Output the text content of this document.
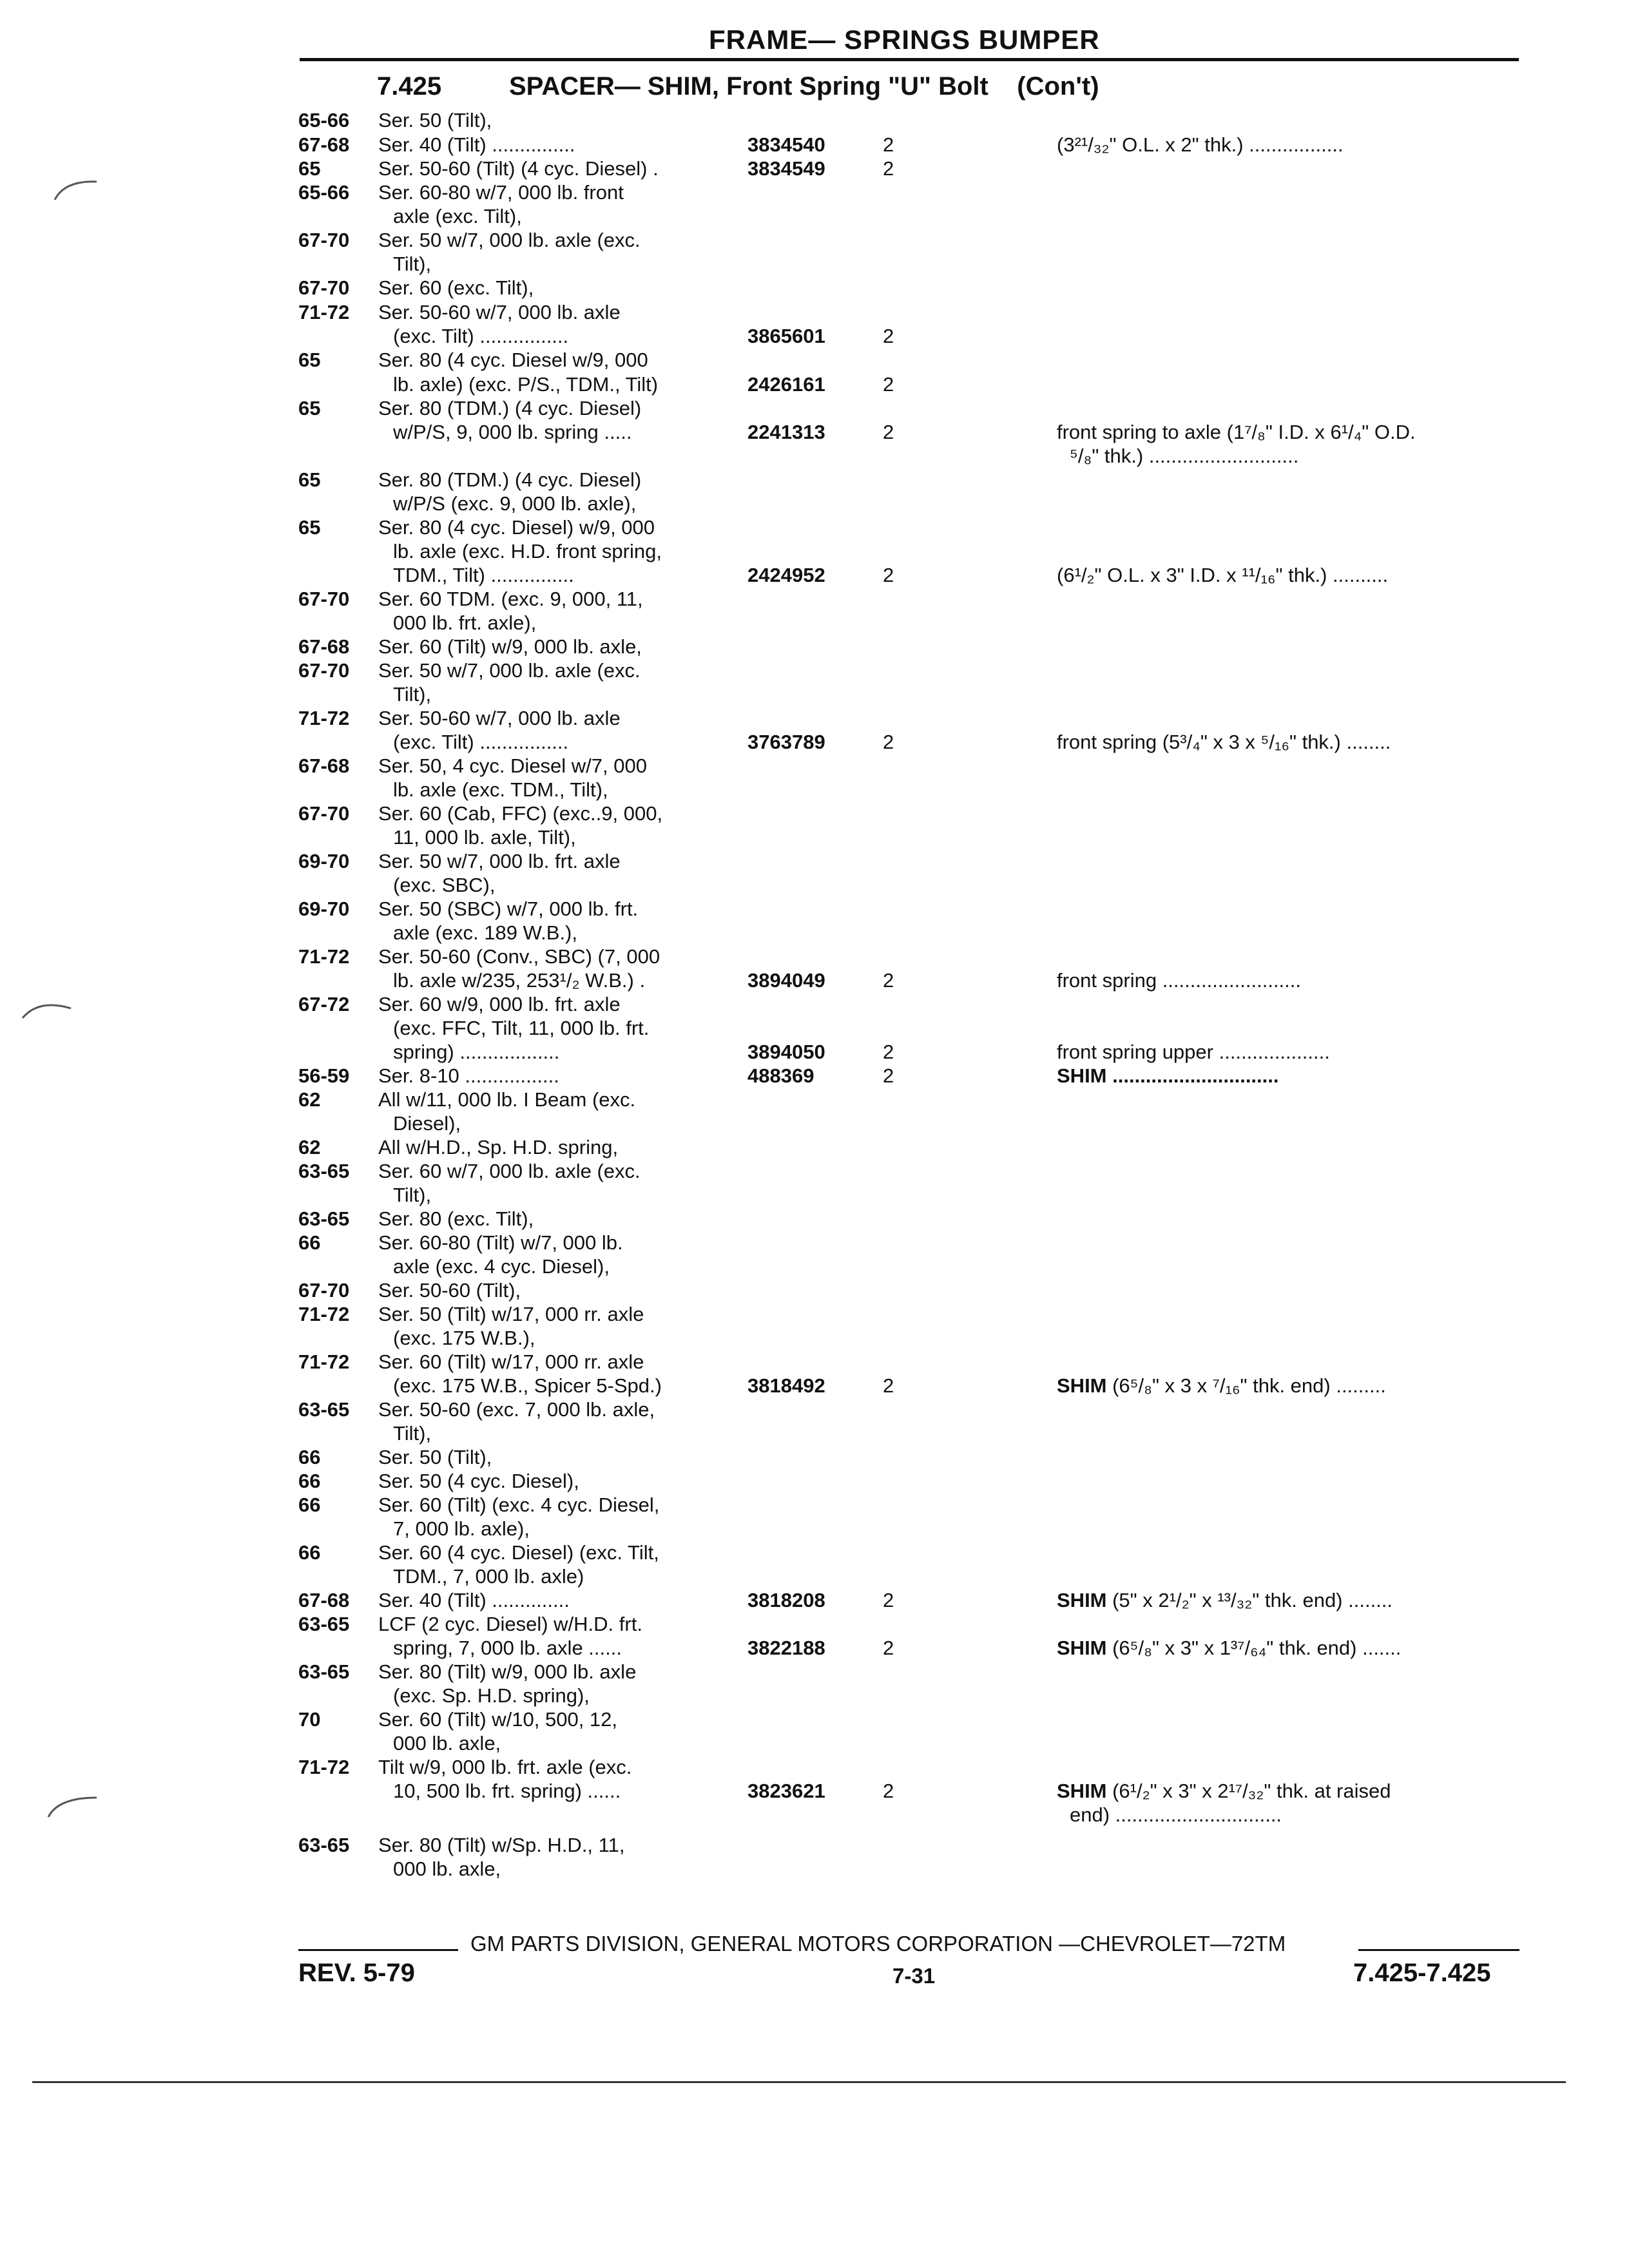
FRAME— SPRINGS BUMPER
7.425	SPACER— SHIM, Front Spring "U" Bolt    (Con't)
65-66 Ser. 50 (Tilt),
67-68 Ser. 40 (Tilt) ...............	3834540	2	(3²¹/₃₂" O.L. x 2" thk.) .................
65	Ser. 50-60 (Tilt) (4 cyc. Diesel) .	3834549	2
65-66 Ser. 60-80 w/7, 000 lb. front
axle (exc. Tilt),
67-70 Ser. 50 w/7, 000 lb. axle (exc.
Tilt),
67-70 Ser. 60 (exc. Tilt),
71-72 Ser. 50-60 w/7, 000 lb. axle
(exc. Tilt) ................	3865601	2
65	Ser. 80 (4 cyc. Diesel w/9, 000
lb. axle) (exc. P/S., TDM., Tilt)	2426161	2
65	Ser. 80 (TDM.) (4 cyc. Diesel)
w/P/S, 9, 000 lb. spring .....	2241313	2	front spring to axle (1⁷/₈" I.D. x 6¹/₄" O.D.
⁵/₈" thk.) ...........................
65	Ser. 80 (TDM.) (4 cyc. Diesel)
w/P/S (exc. 9, 000 lb. axle),
65	Ser. 80 (4 cyc. Diesel) w/9, 000
lb. axle (exc. H.D. front spring,
TDM., Tilt) ...............	2424952	2	(6¹/₂" O.L. x 3" I.D. x ¹¹/₁₆" thk.) ..........
67-70 Ser. 60 TDM. (exc. 9, 000, 11,
000 lb. frt. axle),
67-68 Ser. 60 (Tilt) w/9, 000 lb. axle,
67-70 Ser. 50 w/7, 000 lb. axle (exc.
Tilt),
71-72 Ser. 50-60 w/7, 000 lb. axle
(exc. Tilt) ................	3763789	2	front spring (5³/₄" x 3 x ⁵/₁₆" thk.) ........
67-68 Ser. 50, 4 cyc. Diesel w/7, 000
lb. axle (exc. TDM., Tilt),
67-70 Ser. 60 (Cab, FFC) (exc..9, 000,
11, 000 lb. axle, Tilt),
69-70 Ser. 50 w/7, 000 lb. frt. axle
(exc. SBC),
69-70 Ser. 50 (SBC) w/7, 000 lb. frt.
axle (exc. 189 W.B.),
71-72 Ser. 50-60 (Conv., SBC) (7, 000
lb. axle w/235, 253¹/₂ W.B.) .	3894049	2	front spring .........................
67-72 Ser. 60 w/9, 000 lb. frt. axle
(exc. FFC, Tilt, 11, 000 lb. frt.
spring) ..................	3894050	2	front spring upper ....................
56-59 Ser. 8-10 .................	488369	2	SHIM ..............................
62	All w/11, 000 lb. I Beam (exc.
Diesel),
62	All w/H.D., Sp. H.D. spring,
63-65 Ser. 60 w/7, 000 lb. axle (exc.
Tilt),
63-65 Ser. 80 (exc. Tilt),
66	Ser. 60-80 (Tilt) w/7, 000 lb.
axle (exc. 4 cyc. Diesel),
67-70 Ser. 50-60 (Tilt),
71-72 Ser. 50 (Tilt) w/17, 000 rr. axle
(exc. 175 W.B.),
71-72 Ser. 60 (Tilt) w/17, 000 rr. axle
(exc. 175 W.B., Spicer 5-Spd.)	3818492	2	SHIM (6⁵/₈" x 3 x ⁷/₁₆" thk. end) .........
63-65 Ser. 50-60 (exc. 7, 000 lb. axle,
Tilt),
66	Ser. 50 (Tilt),
66	Ser. 50 (4 cyc. Diesel),
66	Ser. 60 (Tilt) (exc. 4 cyc. Diesel,
7, 000 lb. axle),
66	Ser. 60 (4 cyc. Diesel) (exc. Tilt,
TDM., 7, 000 lb. axle)
67-68 Ser. 40 (Tilt) ..............	3818208	2	SHIM (5" x 2¹/₂" x ¹³/₃₂" thk. end) ........
63-65 LCF (2 cyc. Diesel) w/H.D. frt.
spring, 7, 000 lb. axle ......	3822188	2	SHIM (6⁵/₈" x 3" x 1³⁷/₆₄" thk. end) .......
63-65 Ser. 80 (Tilt) w/9, 000 lb. axle
(exc. Sp. H.D. spring),
70	Ser. 60 (Tilt) w/10, 500, 12,
000 lb. axle,
71-72 Tilt w/9, 000 lb. frt. axle (exc.
10, 500 lb. frt. spring) ......	3823621	2	SHIM (6¹/₂" x 3" x 2¹⁷/₃₂" thk. at raised
end) ..............................
63-65 Ser. 80 (Tilt) w/Sp. H.D., 11,
000 lb. axle,
GM PARTS DIVISION, GENERAL MOTORS CORPORATION —CHEVROLET—72TM
REV. 5-79	7-31	7.425-7.425
